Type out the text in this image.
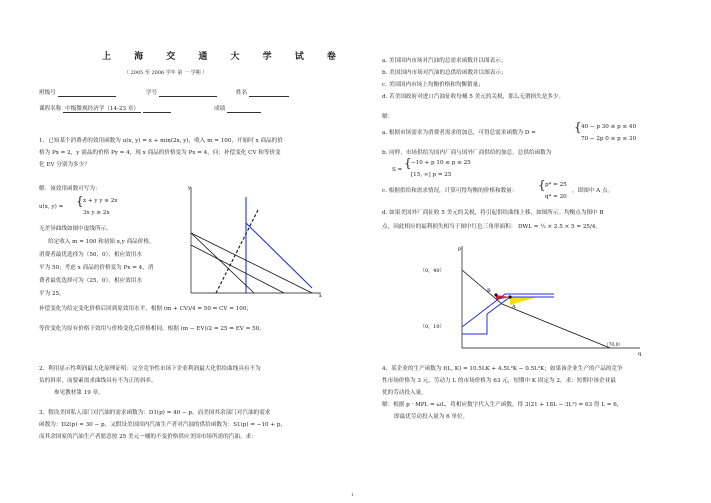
上 海 交 通 大 学 试 卷
（ 2005 至 2006 学年 第 一 学期 ）
班级号	学号	姓名
课程名称 中级微观经济学（14-23 章）	成绩
1、已知某个消费者的效用函数为 u(x, y) = x + min(2x, y)，收入 m = 100，开始时 x 商品的价
格为 Px = 2，y 商品的价格 Py = 4，现 x 商品的价格变为 Px = 4，问：补偿变化 CV 和等价变
化 EV 分别为多少？
解：该效用函数可写为：
u(x, y) = { x + y y ≤ 2x
3x y ≥ 2x
无差异曲线如图中虚线所示。
给定收入 m = 100 和初始 x,y 商品价格，
消费者最优选择为（50，0），相应效用水
平为 50；考虑 x 商品的价格变为 Px = 4，消
费者最优选择可为（25，0），相应效用水
平为 25。
y
x
补偿变化为给定变化价格后回到原效用水平，根据 (m + CV)/4 = 50 ⇒ CV = 100；
等价变化为原有价格下效用与价格变化后价格相同，根据 (m − EV)/2 = 25 ⇒ EV = 50。
2、利用显示性利润最大化原理证明：完全竞争性市场下企业利润最大化供给曲线具有不为
负的斜率，而要素需求曲线具有不为正的斜率。
参见教材第 19 章。
3、假设美国私人部门对汽油的需求函数为：D1(p) = 40 − p，而美国其余部门对汽油的需求
函数为：D2(p) = 30 − p，又假设美国国内汽油生产者对汽油的供给函数为：S1(p) = −10 + p，
而其余国家的汽油生产者愿意按 25 美元一桶的不变价格供应美国市场所需的汽油。求：
a. 美国国内市场对汽油的总需求函数并以图表示；
b. 美国国内市场对汽油的总供给函数并以图表示；
c. 美国国内市场上均衡价格和均衡销量；
d. 若美国政府对进口汽油征收每桶 5 美元的关税，那么无谓损失是多少。
解：
a. 根据市场需求为消费者需求的加总，可得总需求函数为 D =	{ 40 − p 30 ≤ p ≤ 40
70 − 2p 0 ≤ p ≤ 30
b. 同样，市场供给为国内厂商与国外厂商供给的加总，总供给函数为
S = { −10 + p 10 ≤ p ≤ 25
[15, ∞] p = 25
c. 根据供给和需求情况，计算可得均衡的价格和数量： { p* = 25
q* = 20
，即图中 A 点。
d. 如果美国外厂商征收 5 美元的关税，将引起供给曲线上移，如图所示。均衡点为图中 B
点，因此相应的福利损失相当于图中红色三角形面积： DWL = ½ × 2.5 × 5 = 25/4。
p
q
（0，40）
（0，10）
（70,0）
A
B
4、某企业的生产函数为 f(L, K) = 10.5LK + 4.5L²K − 0.5L³K；如果该企业生产的产品的竞争
性市场价格为 3 元，劳动力 L 的市场价格为 63 元，短期中 K 固定为 2，求：短期中该企业最
优的劳动投入量。
解：根据 p · MPL = ωL，将相应数字代入生产函数，得 3(21 + 18L − 3L²) = 63 得 L = 6，
即最优劳动投入量为 6 单位。
1
